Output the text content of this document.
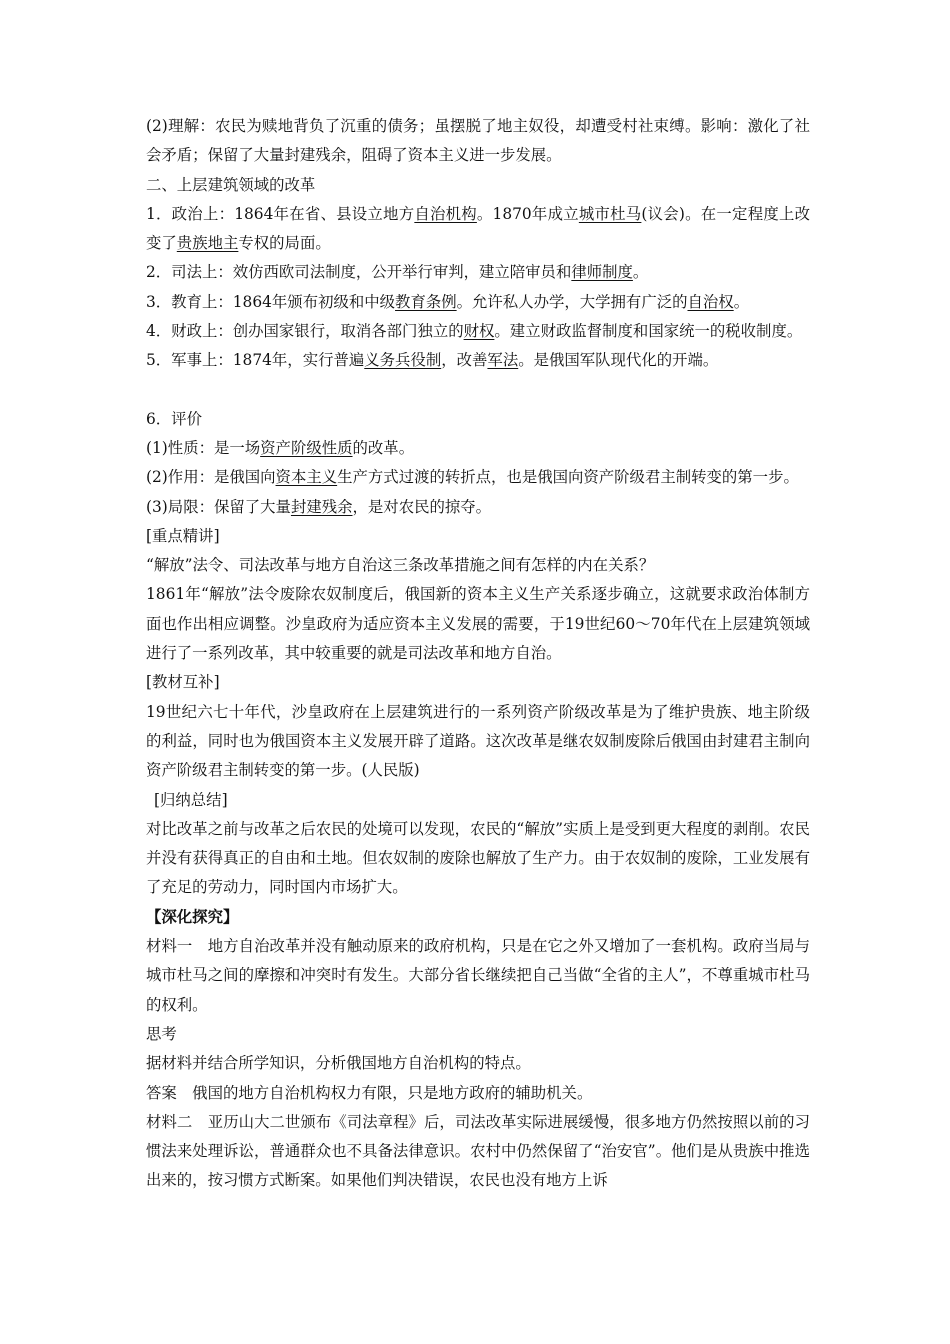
(2)理解：农民为赎地背负了沉重的债务；虽摆脱了地主奴役，却遭受村社束缚。影响：激化了社会矛盾；保留了大量封建残余，阻碍了资本主义进一步发展。

二、上层建筑领域的改革

1．政治上：1864年在省、县设立地方自治机构。1870年成立城市杜马(议会)。在一定程度上改变了贵族地主专权的局面。

2．司法上：效仿西欧司法制度，公开举行审判，建立陪审员和律师制度。

3．教育上：1864年颁布初级和中级教育条例。允许私人办学，大学拥有广泛的自治权。

4．财政上：创办国家银行，取消各部门独立的财权。建立财政监督制度和国家统一的税收制度。

5．军事上：1874年，实行普遍义务兵役制，改善军法。是俄国军队现代化的开端。

6．评价

(1)性质：是一场资产阶级性质的改革。

(2)作用：是俄国向资本主义生产方式过渡的转折点，也是俄国向资产阶级君主制转变的第一步。

(3)局限：保留了大量封建残余，是对农民的掠夺。

[重点精讲]

“解放”法令、司法改革与地方自治这三条改革措施之间有怎样的内在关系？

1861年“解放”法令废除农奴制度后，俄国新的资本主义生产关系逐步确立，这就要求政治体制方面也作出相应调整。沙皇政府为适应资本主义发展的需要，于19世纪60～70年代在上层建筑领域进行了一系列改革，其中较重要的就是司法改革和地方自治。

[教材互补]

19世纪六七十年代，沙皇政府在上层建筑进行的一系列资产阶级改革是为了维护贵族、地主阶级的利益，同时也为俄国资本主义发展开辟了道路。这次改革是继农奴制废除后俄国由封建君主制向资产阶级君主制转变的第一步。(人民版)

[归纳总结]

对比改革之前与改革之后农民的处境可以发现，农民的“解放”实质上是受到更大程度的剥削。农民并没有获得真正的自由和土地。但农奴制的废除也解放了生产力。由于农奴制的废除，工业发展有了充足的劳动力，同时国内市场扩大。

【深化探究】

材料一　地方自治改革并没有触动原来的政府机构，只是在它之外又增加了一套机构。政府当局与城市杜马之间的摩擦和冲突时有发生。大部分省长继续把自己当做“全省的主人”，不尊重城市杜马的权利。

思考

据材料并结合所学知识，分析俄国地方自治机构的特点。

答案　俄国的地方自治机构权力有限，只是地方政府的辅助机关。

材料二　亚历山大二世颁布《司法章程》后，司法改革实际进展缓慢，很多地方仍然按照以前的习惯法来处理诉讼，普通群众也不具备法律意识。农村中仍然保留了“治安官”。他们是从贵族中推选出来的，按习惯方式断案。如果他们判决错误，农民也没有地方上诉
